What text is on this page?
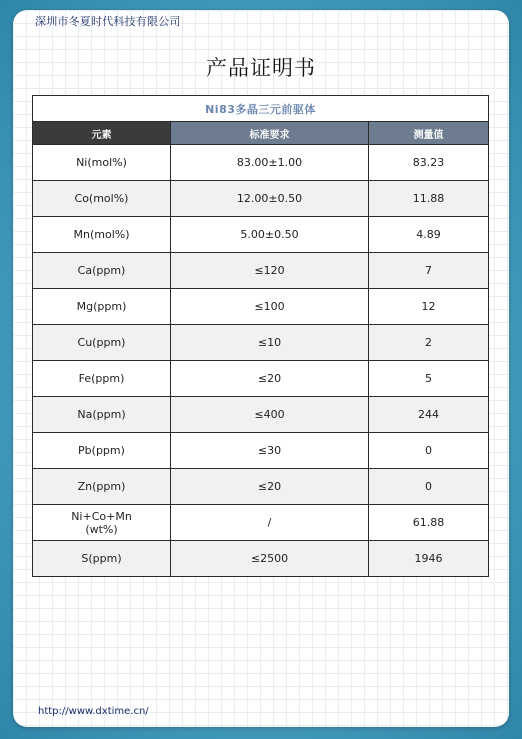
深圳市冬夏时代科技有限公司
产品证明书
Ni83多晶三元前驱体		
元素	标准要求	测量值
Ni(mol%)	83.00±1.00	83.23
Co(mol%)	12.00±0.50	11.88
Mn(mol%)	5.00±0.50	4.89
Ca(ppm)	≤120	7
Mg(ppm)	≤100	12
Cu(ppm)	≤10	2
Fe(ppm)	≤20	5
Na(ppm)	≤400	244
Pb(ppm)	≤30	0
Zn(ppm)	≤20	0
Ni+Co+Mn
(wt%)	/	61.88
S(ppm)	≤2500	1946
http://www.dxtime.cn/
